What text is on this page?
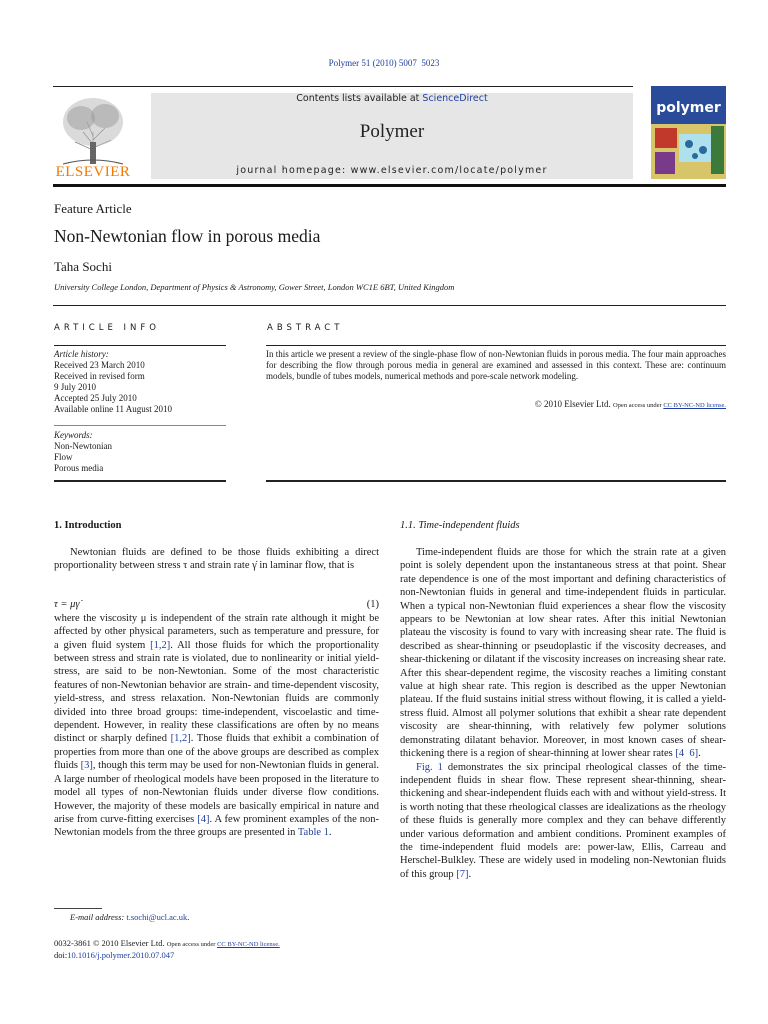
Polymer 51 (2010) 5007  5023
ELSEVIER
Contents lists available at ScienceDirect
Polymer
journal homepage: www.elsevier.com/locate/polymer
polymer
Feature Article
Non-Newtonian flow in porous media
Taha Sochi
University College London, Department of Physics & Astronomy, Gower Street, London WC1E 6BT, United Kingdom
ARTICLE INFO	ABSTRACT
Article history:
Received 23 March 2010
Received in revised form
9 July 2010
Accepted 25 July 2010
Available online 11 August 2010
Keywords:
Non-Newtonian
Flow
Porous media
In this article we present a review of the single-phase flow of non-Newtonian fluids in porous media. The four main approaches for describing the flow through porous media in general are examined and assessed in this context. These are: continuum models, bundle of tubes models, numerical methods and pore-scale network modeling.
© 2010 Elsevier Ltd. Open access under CC BY-NC-ND license.
1. Introduction	1.1. Time-independent fluids

Newtonian fluids are defined to be those fluids exhibiting a direct proportionality between stress τ and strain rate γ̇ in laminar flow, that is

where the viscosity μ is independent of the strain rate although it might be affected by other physical parameters, such as temperature and pressure, for a given fluid system [1,2]. All those fluids for which the proportionality between stress and strain rate is violated, due to nonlinearity or initial yield-stress, are said to be non-Newtonian. Some of the most characteristic features of non-Newtonian behavior are strain- and time-dependent viscosity, yield-stress, and stress relaxation. Non-Newtonian fluids are commonly divided into three broad groups: time-independent, viscoelastic and time-dependent. However, in reality these classifications are often by no means distinct or sharply defined [1,2]. Those fluids that exhibit a combination of properties from more than one of the above groups are described as complex fluids [3], though this term may be used for non-Newtonian fluids in general. A large number of rheological models have been proposed in the literature to model all types of non-Newtonian fluids under diverse flow conditions. However, the majority of these models are basically empirical in nature and arise from curve-fitting exercises [4]. A few prominent examples of the non-Newtonian models from the three groups are presented in Table 1.

τ = μγ̇	(1)

Time-independent fluids are those for which the strain rate at a given point is solely dependent upon the instantaneous stress at that point. Shear rate dependence is one of the most important and defining characteristics of non-Newtonian fluids in general and time-independent fluids in particular. When a typical non-Newtonian fluid experiences a shear flow the viscosity appears to be Newtonian at low shear rates. After this initial Newtonian plateau the viscosity is found to vary with increasing shear rate. The fluid is described as shear-thinning or pseudoplastic if the viscosity decreases, and shear-thickening or dilatant if the viscosity increases on increasing shear rate. After this shear-dependent regime, the viscosity reaches a limiting constant value at high shear rate. This region is described as the upper Newtonian plateau. If the fluid sustains initial stress without flowing, it is called a yield-stress fluid. Almost all polymer solutions that exhibit a shear rate dependent viscosity are shear-thinning, with relatively few polymer solutions demonstrating dilatant behavior. Moreover, in most known cases of shear-thickening there is a region of shear-thinning at lower shear rates [4  6].

Fig. 1 demonstrates the six principal rheological classes of the time-independent fluids in shear flow. These represent shear-thinning, shear-thickening and shear-independent fluids each with and without yield-stress. It is worth noting that these rheological classes are idealizations as the rheology of these fluids is generally more complex and they can behave differently under various deformation and ambient conditions. Prominent examples of the time-independent fluid models are: power-law, Ellis, Carreau and Herschel-Bulkley. These are widely used in modeling non-Newtonian fluids of this group [7].

E-mail address: t.sochi@ucl.ac.uk.
0032-3861 © 2010 Elsevier Ltd. Open access under CC BY-NC-ND license.
doi:10.1016/j.polymer.2010.07.047
